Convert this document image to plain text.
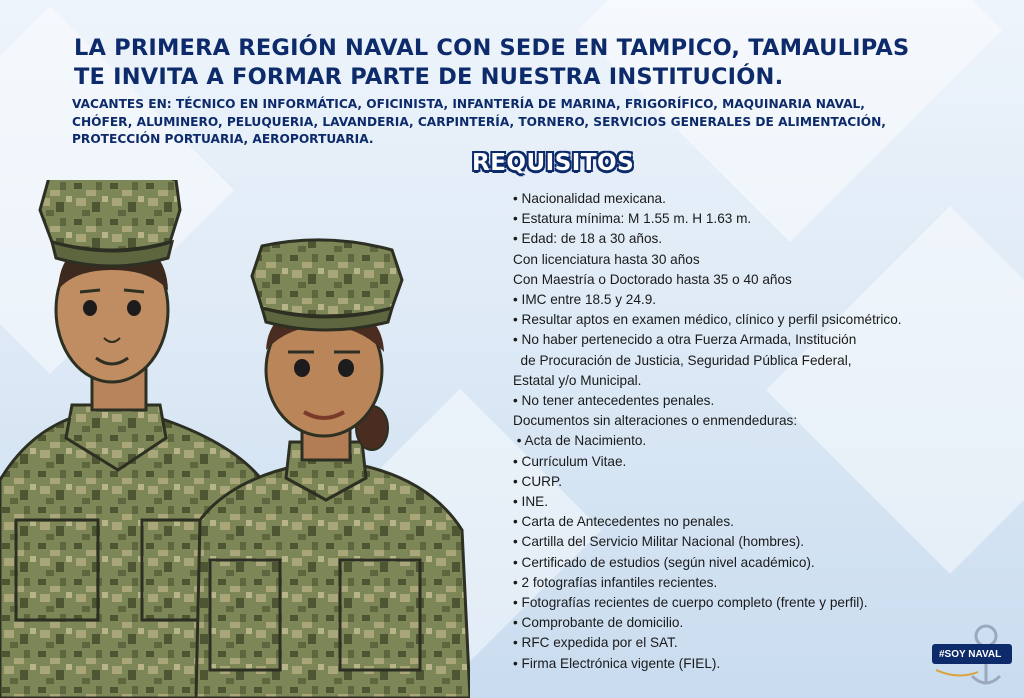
LA PRIMERA REGIÓN NAVAL CON SEDE EN TAMPICO, TAMAULIPAS
TE INVITA A FORMAR PARTE DE NUESTRA INSTITUCIÓN.
VACANTES EN: TÉCNICO EN INFORMÁTICA, OFICINISTA, INFANTERÍA DE MARINA, FRIGORÍFICO, MAQUINARIA NAVAL,
CHÓFER, ALUMINERO, PELUQUERIA, LAVANDERIA, CARPINTERÍA, TORNERO, SERVICIOS GENERALES DE ALIMENTACIÓN,
PROTECCIÓN PORTUARIA, AEROPORTUARIA.
REQUISITOS
• Nacionalidad mexicana.
• Estatura mínima: M 1.55 m. H 1.63 m.
• Edad: de 18 a 30 años.
Con licenciatura hasta 30 años
Con Maestría o Doctorado hasta 35 o 40 años
• IMC entre 18.5 y 24.9.
• Resultar aptos en examen médico, clínico y perfil psicométrico.
• No haber pertenecido a otra Fuerza Armada, Institución
de Procuración de Justicia, Seguridad Pública Federal,
Estatal y/o Municipal.
• No tener antecedentes penales.
Documentos sin alteraciones o enmendeduras:
• Acta de Nacimiento.
• Currículum Vitae.
• CURP.
• INE.
• Carta de Antecedentes no penales.
• Cartilla del Servicio Militar Nacional (hombres).
• Certificado de estudios (según nivel académico).
• 2 fotografías infantiles recientes.
• Fotografías recientes de cuerpo completo (frente y perfil).
• Comprobante de domicilio.
• RFC expedida por el SAT.
• Firma Electrónica vigente (FIEL).
#SOY NAVAL
